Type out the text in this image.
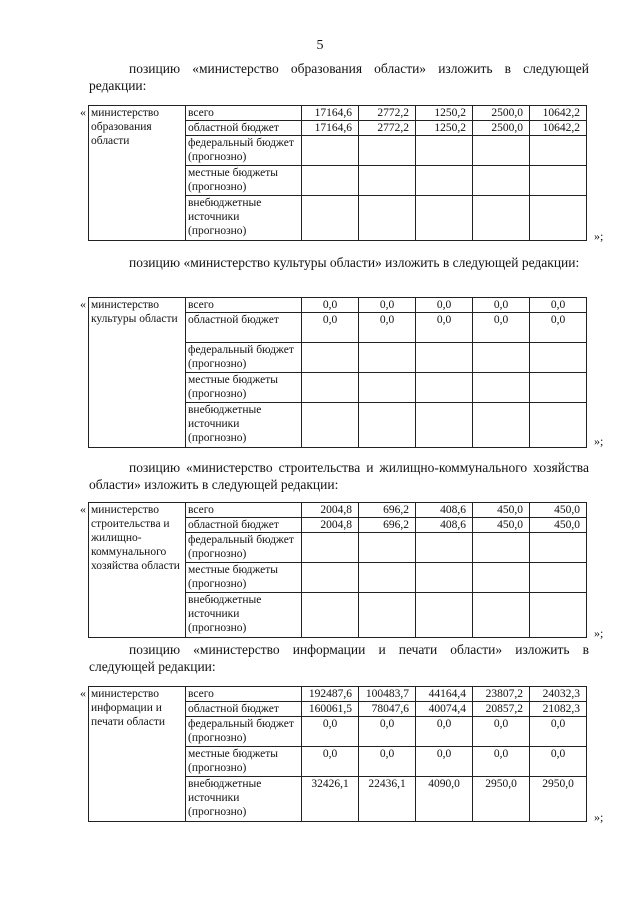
5
позицию «министерство образования области» изложить в следующей редакции:
« министерство образования области	всего	17164,6	2772,2	1250,2	2500,0	10642,2
	областной бюджет	17164,6	2772,2	1250,2	2500,0	10642,2
	федеральный бюджет (прогнозно)					
	местные бюджеты (прогнозно)					
	внебюджетные источники (прогнозно)						»;
позицию «министерство культуры области» изложить в следующей редакции:
« министерство культуры области	всего	0,0	0,0	0,0	0,0	0,0
	областной бюджет	0,0	0,0	0,0	0,0	0,0
	федеральный бюджет (прогнозно)					
	местные бюджеты (прогнозно)					
	внебюджетные источники (прогнозно)						»;
позицию «министерство строительства и жилищно-коммунального хозяйства области» изложить в следующей редакции:
« министерство строительства и жилищно-коммунального хозяйства области	всего	2004,8	696,2	408,6	450,0	450,0
	областной бюджет	2004,8	696,2	408,6	450,0	450,0
	федеральный бюджет (прогнозно)					
	местные бюджеты (прогнозно)					
	внебюджетные источники (прогнозно)						»;
позицию «министерство информации и печати области» изложить в следующей редакции:
« министерство информации и печати области	всего	192487,6	100483,7	44164,4	23807,2	24032,3
	областной бюджет	160061,5	78047,6	40074,4	20857,2	21082,3
	федеральный бюджет (прогнозно)	0,0	0,0	0,0	0,0	0,0
	местные бюджеты (прогнозно)	0,0	0,0	0,0	0,0	0,0
	внебюджетные источники (прогнозно)	32426,1	22436,1	4090,0	2950,0	2950,0
»;
